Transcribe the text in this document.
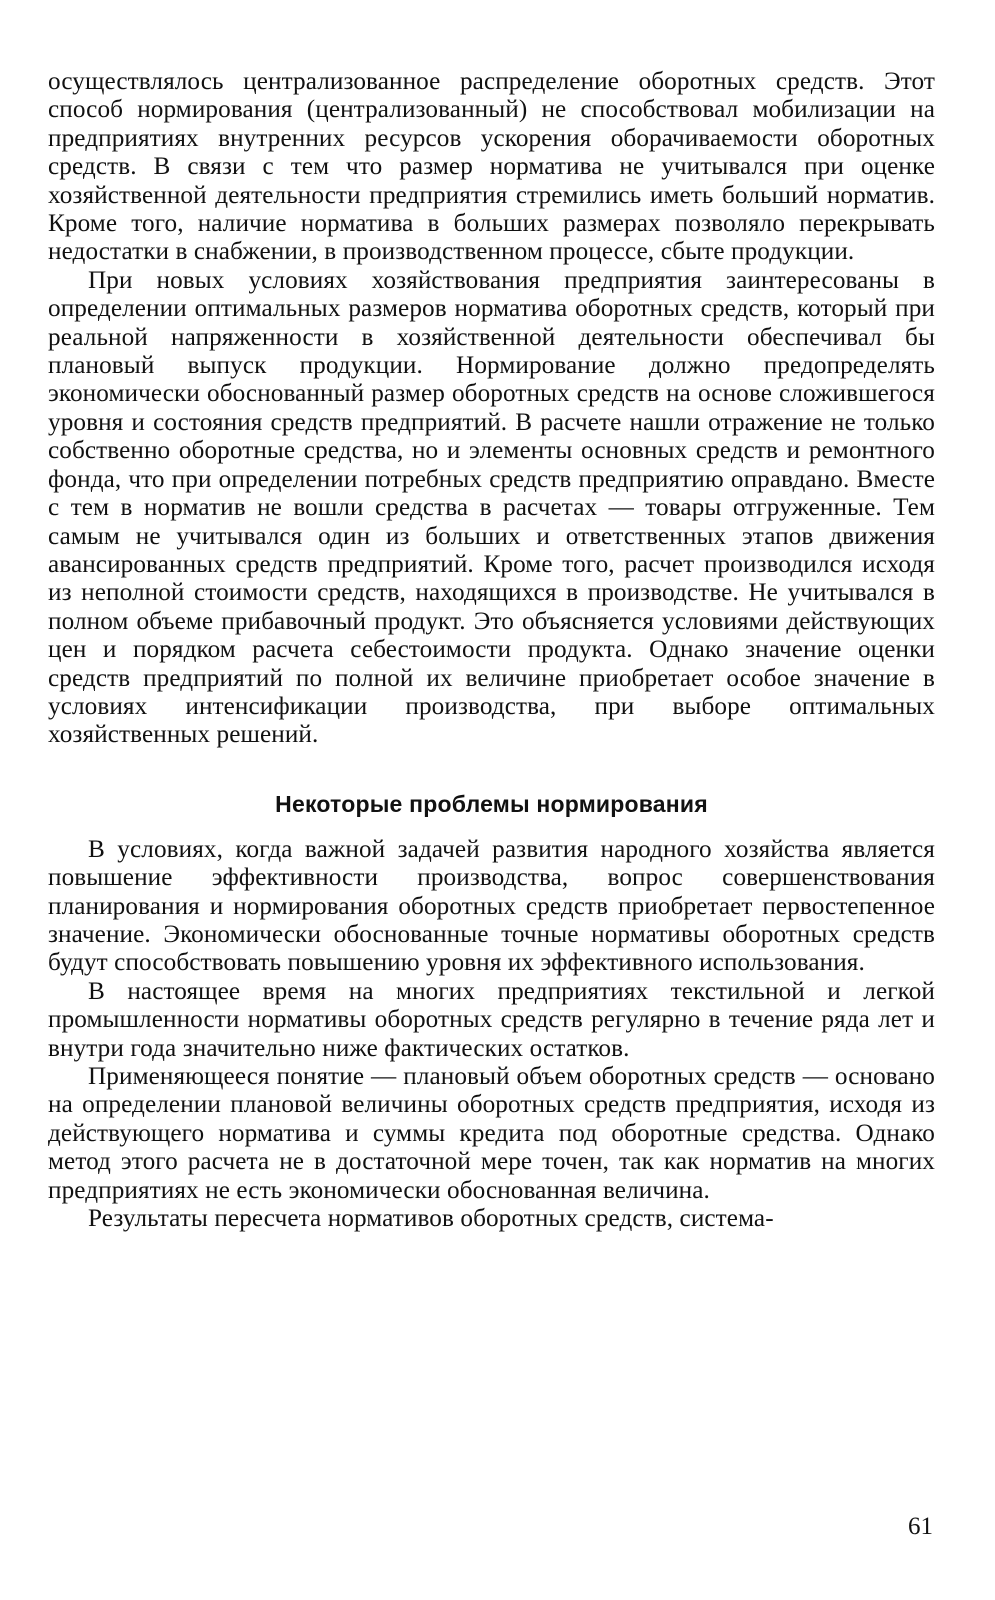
осуществлялось централизованное распределение оборотных средств. Этот способ нормирования (централизованный) не способствовал мобилизации на предприятиях внутренних ресурсов ускорения оборачиваемости оборотных средств. В связи с тем что размер норматива не учитывался при оценке хозяйственной деятельности предприятия стремились иметь больший норматив. Кроме того, наличие норматива в больших размерах позволяло перекрывать недостатки в снабжении, в производственном процессе, сбыте продукции.

При новых условиях хозяйствования предприятия заинтересованы в определении оптимальных размеров норматива оборотных средств, который при реальной напряженности в хозяйственной деятельности обеспечивал бы плановый выпуск продукции. Нормирование должно предопределять экономически обоснованный размер оборотных средств на основе сложившегося уровня и состояния средств предприятий. В расчете нашли отражение не только собственно оборотные средства, но и элементы основных средств и ремонтного фонда, что при определении потребных средств предприятию оправдано. Вместе с тем в норматив не вошли средства в расчетах — товары отгруженные. Тем самым не учитывался один из больших и ответственных этапов движения авансированных средств предприятий. Кроме того, расчет производился исходя из неполной стоимости средств, находящихся в производстве. Не учитывался в полном объеме прибавочный продукт. Это объясняется условиями действующих цен и порядком расчета себестоимости продукта. Однако значение оценки средств предприятий по полной их величине приобретает особое значение в условиях интенсификации производства, при выборе оптимальных хозяйственных решений.

Некоторые проблемы нормирования

В условиях, когда важной задачей развития народного хозяйства является повышение эффективности производства, вопрос совершенствования планирования и нормирования оборотных средств приобретает первостепенное значение. Экономически обоснованные точные нормативы оборотных средств будут способствовать повышению уровня их эффективного использования.

В настоящее время на многих предприятиях текстильной и легкой промышленности нормативы оборотных средств регулярно в течение ряда лет и внутри года значительно ниже фактических остатков.

Применяющееся понятие — плановый объем оборотных средств — основано на определении плановой величины оборотных средств предприятия, исходя из действующего норматива и суммы кредита под оборотные средства. Однако метод этого расчета не в достаточной мере точен, так как норматив на многих предприятиях не есть экономически обоснованная величина.

Результаты пересчета нормативов оборотных средств, система-

61
